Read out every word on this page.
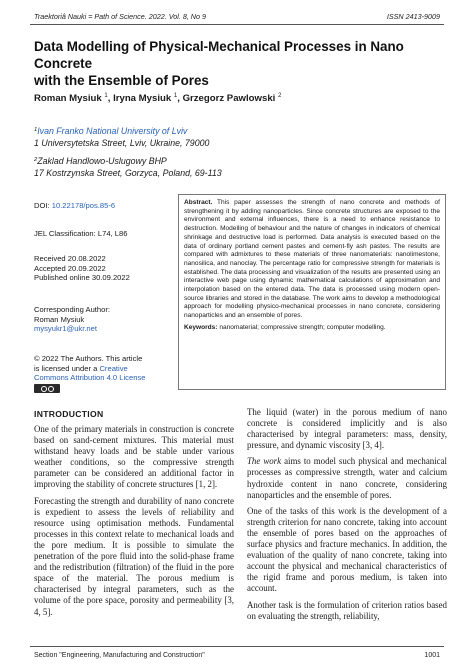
Traektoriâ Nauki = Path of Science. 2022. Vol. 8, No 9	ISSN 2413-9009
Data Modelling of Physical-Mechanical Processes in Nano Concrete
with the Ensemble of Pores
Roman Mysiuk $^1$, Iryna Mysiuk $^1$, Grzegorz Pawlowski $^2$
$^1$Ivan Franko National University of Lviv
1 Universytetska Street, Lviv, Ukraine, 79000
$^2$Zaklad Handlowo-Uslugowy BHP
17 Kostrzynska Street, Gorzyca, Poland, 69-113
DOI: 10.22178/pos.85-6
JEL Classification: L74, L86
Received 20.08.2022
Accepted 20.09.2022
Published online 30.09.2022
Corresponding Author:
Roman Mysiuk
mysyukr1@ukr.net
© 2022 The Authors. This article
is licensed under a Creative
Commons Attribution 4.0 License
Abstract. This paper assesses the strength of nano concrete and methods of strengthening it by adding nanoparticles. Since concrete structures are exposed to the environment and external influences, there is a need to enhance resistance to destruction. Modelling of behaviour and the nature of changes in indicators of chemical shrinkage and destructive load is performed. Data analysis is executed based on the data of ordinary portland cement pastes and cement-fly ash pastes. The results are compared with admixtures to these materials of three nanomaterials: nanolimestone, nanosilica, and nanoclay. The percentage ratio for compressive strength for materials is established. The data processing and visualization of the results are presented using an interactive web page using dynamic mathematical calculations of approximation and interpolation based on the entered data. The data is processed using modern open-source libraries and stored in the database. The work aims to develop a methodological approach for modelling physico-mechanical processes in nano concrete, considering nanoparticles and an ensemble of pores.
Keywords: nanomaterial; compressive strength; computer modelling.
INTRODUCTION

One of the primary materials in construction is concrete based on sand-cement mixtures. This material must withstand heavy loads and be stable under various weather conditions, so the compressive strength parameter can be considered an additional factor in improving the stability of concrete structures [1, 2].

Forecasting the strength and durability of nano concrete is expedient to assess the levels of reliability and resource using optimisation methods. Fundamental processes in this context relate to mechanical loads and the pore medium. It is possible to simulate the penetration of the pore fluid into the solid-phase frame and the redistribution (filtration) of the fluid in the pore space of the material. The porous medium is characterised by integral parameters, such as the volume of the pore space, porosity and permeability [3, 4, 5].

The liquid (water) in the porous medium of nano concrete is considered implicitly and is also characterised by integral parameters: mass, density, pressure, and dynamic viscosity [3, 4].

The work aims to model such physical and mechanical processes as compressive strength, water and calcium hydroxide content in nano concrete, considering nanoparticles and the ensemble of pores.

One of the tasks of this work is the development of a strength criterion for nano concrete, taking into account the ensemble of pores based on the approaches of surface physics and fracture mechanics. In addition, the evaluation of the quality of nano concrete, taking into account the physical and mechanical characteristics of the rigid frame and porous medium, is taken into account.

Another task is the formulation of criterion ratios based on evaluating the strength, reliability,

Section "Engineering, Manufacturing and Construction"	1001
